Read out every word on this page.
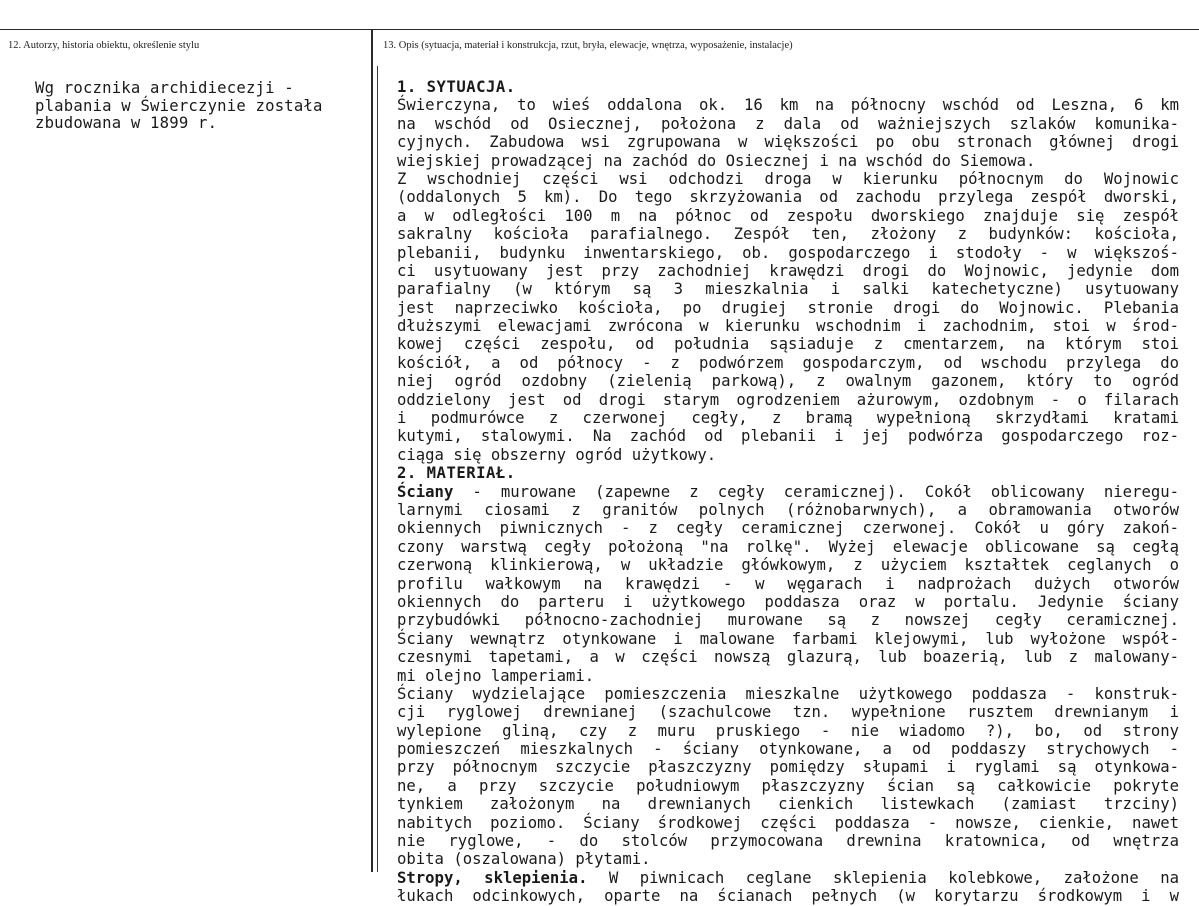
12. Autorzy, historia obiektu, określenie stylu	13. Opis (sytuacja, materiał i konstrukcja, rzut, bryła, elewacje, wnętrza, wyposażenie, instalacje)
Wg rocznika archidiecezji -
plabania w Świerczynie została
zbudowana w 1899 r.
1. SYTUACJA.
Świerczyna, to wieś oddalona ok. 16 km na północny wschód od Leszna, 6 km
na wschód od Osiecznej, położona z dala od ważniejszych szlaków komunika-
cyjnych. Zabudowa wsi zgrupowana w większości po obu stronach głównej drogi
wiejskiej prowadzącej na zachód do Osiecznej i na wschód do Siemowa.
Z wschodniej części wsi odchodzi droga w kierunku północnym do Wojnowic
(oddalonych 5 km). Do tego skrzyżowania od zachodu przylega zespół dworski,
a w odległości 100 m na północ od zespołu dworskiego znajduje się zespół
sakralny kościoła parafialnego. Zespół ten, złożony z budynków: kościoła,
plebanii, budynku inwentarskiego, ob. gospodarczego i stodoły - w większoś-
ci usytuowany jest przy zachodniej krawędzi drogi do Wojnowic, jedynie dom
parafialny (w którym są 3 mieszkalnia i salki katechetyczne) usytuowany
jest naprzeciwko kościoła, po drugiej stronie drogi do Wojnowic. Plebania
dłuższymi elewacjami zwrócona w kierunku wschodnim i zachodnim, stoi w środ-
kowej części zespołu, od południa sąsiaduje z cmentarzem, na którym stoi
kościół, a od północy - z podwórzem gospodarczym, od wschodu przylega do
niej ogród ozdobny (zielenią parkową), z owalnym gazonem, który to ogród
oddzielony jest od drogi starym ogrodzeniem ażurowym, ozdobnym - o filarach
i podmurówce z czerwonej cegły, z bramą wypełnioną skrzydłami kratami
kutymi, stalowymi. Na zachód od plebanii i jej podwórza gospodarczego roz-
ciąga się obszerny ogród użytkowy.
2. MATERIAŁ.
Ściany - murowane (zapewne z cegły ceramicznej). Cokół oblicowany nieregu-
larnymi ciosami z granitów polnych (różnobarwnych), a obramowania otworów
okiennych piwnicznych - z cegły ceramicznej czerwonej. Cokół u góry zakoń-
czony warstwą cegły położoną "na rolkę". Wyżej elewacje oblicowane są cegłą
czerwoną klinkierową, w układzie główkowym, z użyciem kształtek ceglanych o
profilu wałkowym na krawędzi - w węgarach i nadprożach dużych otworów
okiennych do parteru i użytkowego poddasza oraz w portalu. Jedynie ściany
przybudówki północno-zachodniej murowane są z nowszej cegły ceramicznej.
Ściany wewnątrz otynkowane i malowane farbami klejowymi, lub wyłożone współ-
czesnymi tapetami, a w części nowszą glazurą, lub boazerią, lub z malowany-
mi olejno lamperiami.
Ściany wydzielające pomieszczenia mieszkalne użytkowego poddasza - konstruk-
cji ryglowej drewnianej (szachulcowe tzn. wypełnione rusztem drewnianym i
wylepione gliną, czy z muru pruskiego - nie wiadomo ?), bo, od strony
pomieszczeń mieszkalnych - ściany otynkowane, a od poddaszy strychowych -
przy północnym szczycie płaszczyzny pomiędzy słupami i ryglami są otynkowa-
ne, a przy szczycie południowym płaszczyzny ścian są całkowicie pokryte
tynkiem założonym na drewnianych cienkich listewkach (zamiast trzciny)
nabitych poziomo. Ściany środkowej części poddasza - nowsze, cienkie, nawet
nie ryglowe, - do stolców przymocowana drewnina kratownica, od wnętrza
obita (oszalowana) płytami.
Stropy, sklepienia. W piwnicach ceglane sklepienia kolebkowe, założone na
łukach odcinkowych, oparte na ścianach pełnych (w korytarzu środkowym i w
